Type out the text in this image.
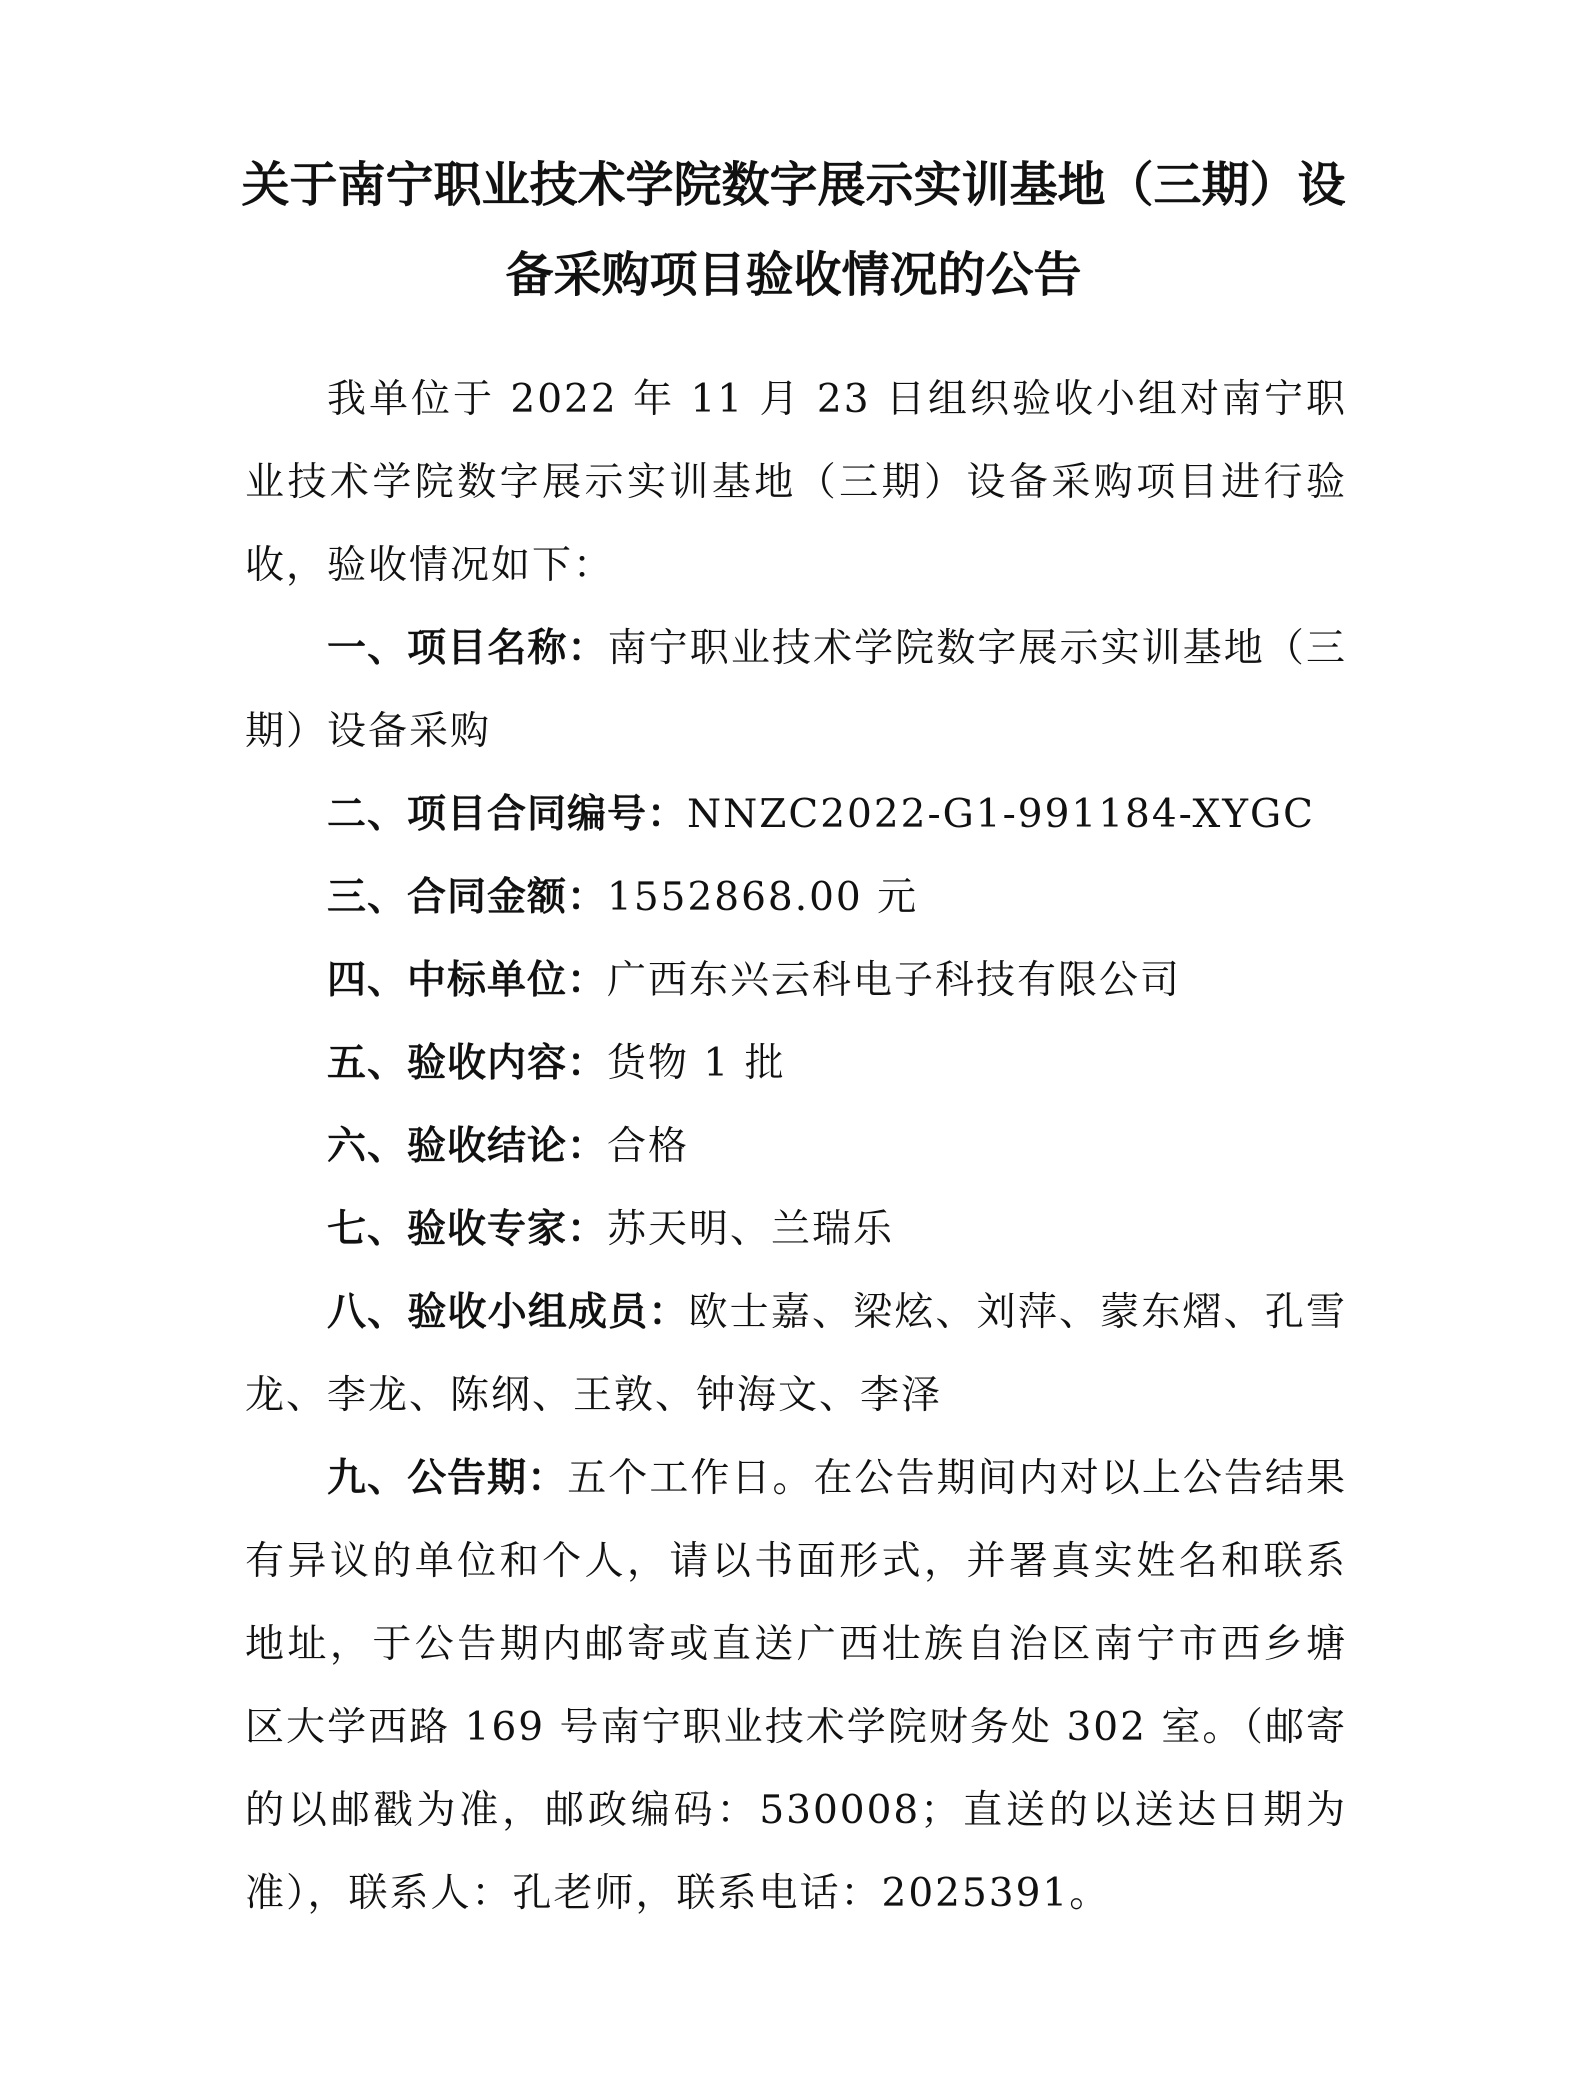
关于南宁职业技术学院数字展示实训基地（三期）设
备采购项目验收情况的公告

我单位于 2022 年 11 月 23 日组织验收小组对南宁职业技术学院数字展示实训基地（三期）设备采购项目进行验收，验收情况如下：

一、项目名称：南宁职业技术学院数字展示实训基地（三期）设备采购

二、项目合同编号：NNZC2022-G1-991184-XYGC

三、合同金额：1552868.00 元

四、中标单位：广西东兴云科电子科技有限公司

五、验收内容：货物 1 批

六、验收结论：合格

七、验收专家：苏天明、兰瑞乐

八、验收小组成员：欧士嘉、梁炫、刘萍、蒙东熠、孔雪龙、李龙、陈纲、王敦、钟海文、李泽

九、公告期：五个工作日。在公告期间内对以上公告结果有异议的单位和个人，请以书面形式，并署真实姓名和联系地址，于公告期内邮寄或直送广西壮族自治区南宁市西乡塘区大学西路 169 号南宁职业技术学院财务处 302 室。（邮寄的以邮戳为准，邮政编码：530008；直送的以送达日期为准），联系人：孔老师，联系电话：2025391。
